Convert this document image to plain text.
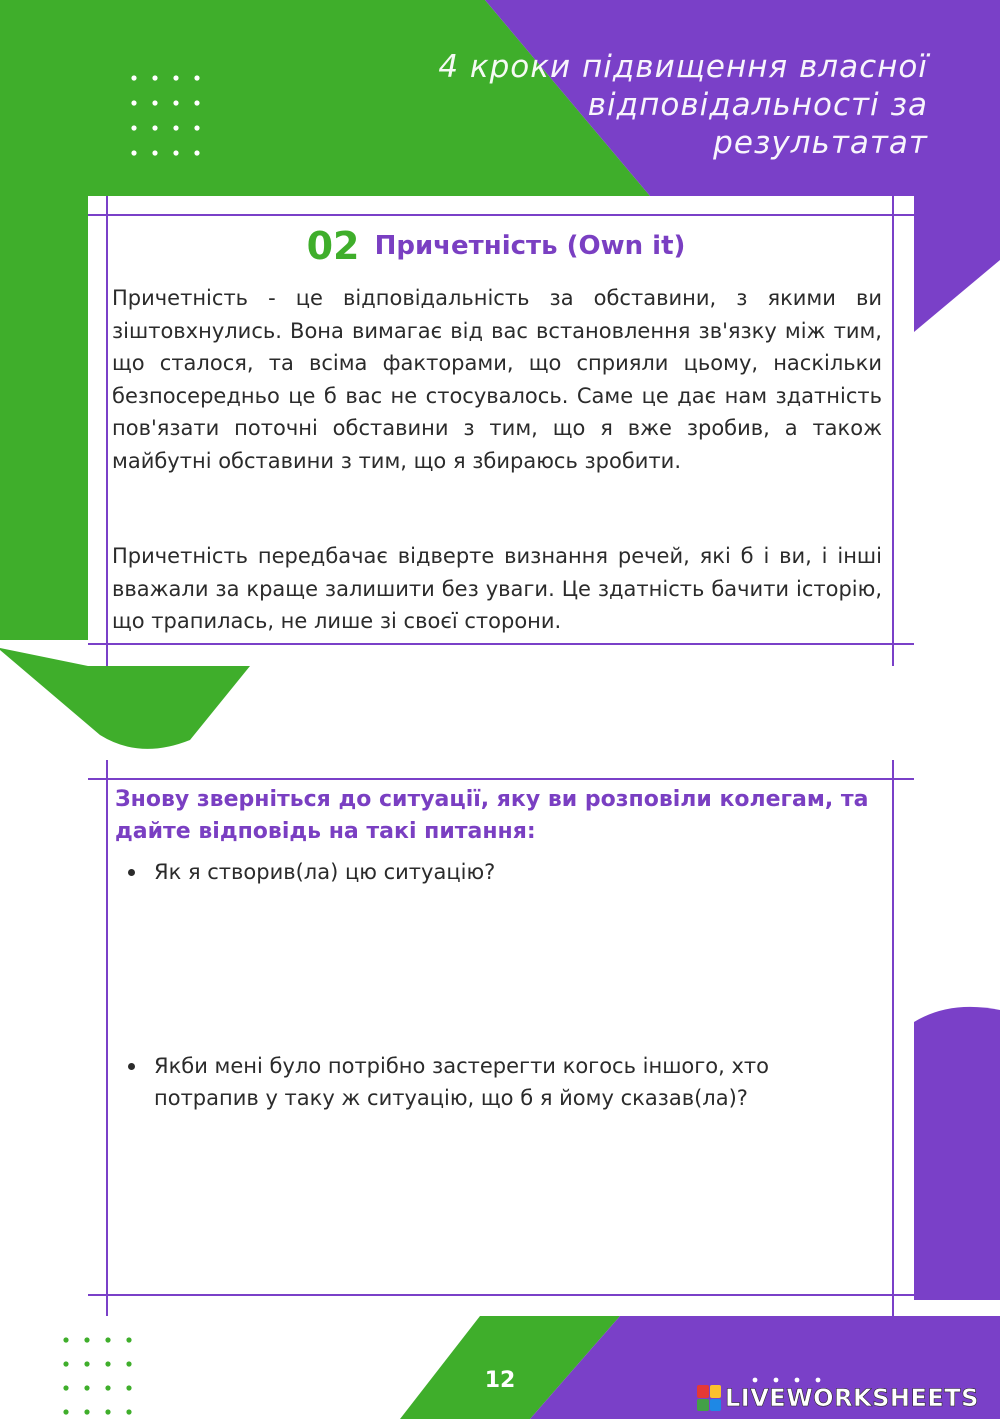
4 кроки підвищення власної
відповідальності за результатат
02 Причетність (Own it)
Причетність - це відповідальність за обставини, з якими ви зіштовхнулись. Вона вимагає від вас встановлення зв'язку між тим, що сталося, та всіма факторами, що сприяли цьому, наскільки безпосередньо це б вас не стосувалось. Саме це дає нам здатність пов'язати поточні обставини з тим, що я вже зробив, а також майбутні обставини з тим, що я збираюсь зробити.
Причетність передбачає відверте визнання речей, які б і ви, і інші вважали за краще залишити без уваги. Це здатність бачити історію, що трапилась, не лише зі своєї сторони.
Знову зверніться до ситуації, яку ви розповіли колегам, та дайте відповідь на такі питання:
Як я створив(ла) цю ситуацію?
Якби мені було потрібно застерегти когось іншого, хто потрапив у таку ж ситуацію, що б я йому сказав(ла)?
12
LIVEWORKSHEETS
